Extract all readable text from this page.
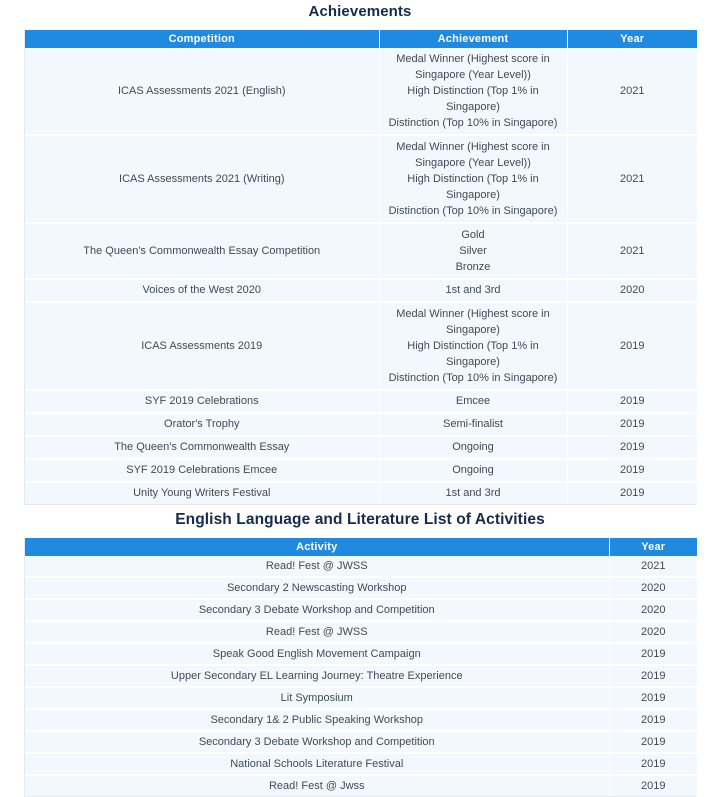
Achievements
Competition	Achievement	Year
ICAS Assessments 2021 (English)	Medal Winner (Highest score in Singapore (Year Level))
High Distinction (Top 1% in Singapore)
Distinction (Top 10% in Singapore)	2021
ICAS Assessments 2021 (Writing)	Medal Winner (Highest score in Singapore (Year Level))
High Distinction (Top 1% in Singapore)
Distinction (Top 10% in Singapore)	2021
The Queen's Commonwealth Essay Competition	Gold
Silver
Bronze	2021
Voices of the West 2020	1st and 3rd	2020
ICAS Assessments 2019	Medal Winner (Highest score in Singapore)
High Distinction (Top 1% in Singapore)
Distinction (Top 10% in Singapore)	2019
SYF 2019 Celebrations	Emcee	2019
Orator's Trophy	Semi-finalist	2019
The Queen's Commonwealth Essay	Ongoing	2019
SYF 2019 Celebrations Emcee	Ongoing	2019
Unity Young Writers Festival	1st and 3rd	2019
English Language and Literature List of Activities
Activity	Year
Read! Fest @ JWSS	2021
Secondary 2 Newscasting Workshop	2020
Secondary 3 Debate Workshop and Competition	2020
Read! Fest @ JWSS	2020
Speak Good English Movement Campaign	2019
Upper Secondary EL Learning Journey: Theatre Experience	2019
Lit Symposium	2019
Secondary 1& 2 Public Speaking Workshop	2019
Secondary 3 Debate Workshop and Competition	2019
National Schools Literature Festival	2019
Read! Fest @ Jwss	2019
